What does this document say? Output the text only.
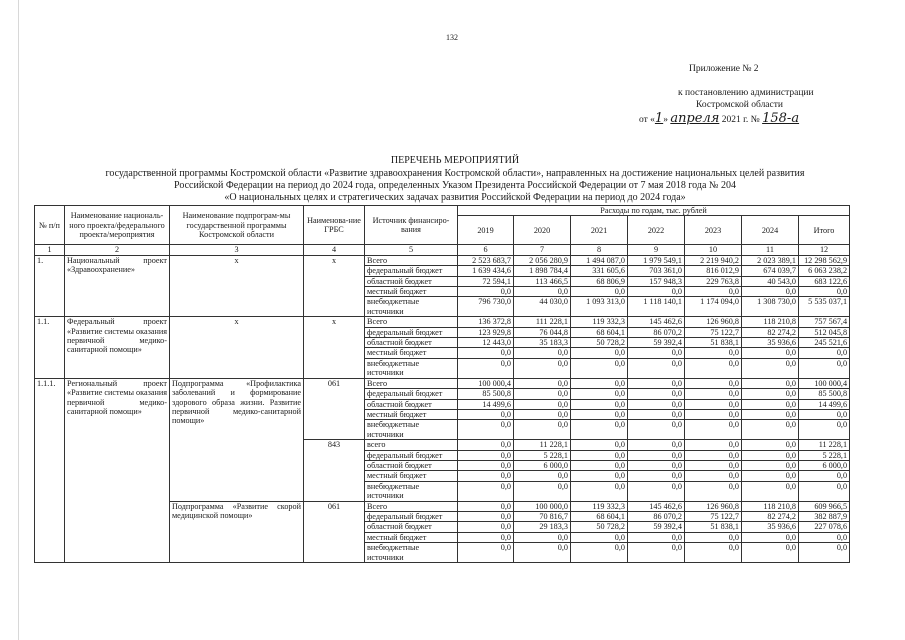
132
Приложение № 2
к постановлению администрации
Костромской области
от «1» апреля 2021 г. № 158-а
ПЕРЕЧЕНЬ МЕРОПРИЯТИЙ
государственной программы Костромской области «Развитие здравоохранения Костромской области», направленных на достижение национальных целей развития
Российской Федерации на период до 2024 года, определенных Указом Президента Российской Федерации от 7 мая 2018 года № 204
«О национальных целях и стратегических задачах развития Российской Федерации на период до 2024 года»
№ п/п	Наименование националь-ного проекта/федерального проекта/мероприятия	Наименование подпрограм-мы государственной программы Костромской области	Наименова-ние ГРБС	Источник финансиро-вания	Расходы по годам, тыс. рублей						
					2019	2020	2021	2022	2023	2024	Итого
1	2	3	4	5	6	7	8	9	10	11	12
1.	Национальный проект «Здравоохранение»	х	х	Всего	2 523 683,7	2 056 280,9	1 494 087,0	1 979 549,1	2 219 940,2	2 023 389,1	12 298 562,9
				федеральный бюджет	1 639 434,6	1 898 784,4	331 605,6	703 361,0	816 012,9	674 039,7	6 063 238,2
				областной бюджет	72 594,1	113 466,5	68 806,9	157 948,3	229 763,8	40 543,0	683 122,6
				местный бюджет	0,0	0,0	0,0	0,0	0,0	0,0	0,0
				внебюджетные источники	796 730,0	44 030,0	1 093 313,0	1 118 140,1	1 174 094,0	1 308 730,0	5 535 037,1
1.1.	Федеральный проект «Развитие системы оказания первичной медико-санитарной помощи»	х	х	Всего	136 372,8	111 228,1	119 332,3	145 462,6	126 960,8	118 210,8	757 567,4
				федеральный бюджет	123 929,8	76 044,8	68 604,1	86 070,2	75 122,7	82 274,2	512 045,8
				областной бюджет	12 443,0	35 183,3	50 728,2	59 392,4	51 838,1	35 936,6	245 521,6
				местный бюджет	0,0	0,0	0,0	0,0	0,0	0,0	0,0
				внебюджетные источники	0,0	0,0	0,0	0,0	0,0	0,0	0,0
1.1.1.	Региональный проект «Развитие системы оказания первичной медико-санитарной помощи»	Подпрограмма «Профилактика заболеваний и формирование здорового образа жизни. Развитие первичной медико-санитарной помощи»	061	Всего	100 000,4	0,0	0,0	0,0	0,0	0,0	100 000,4
				федеральный бюджет	85 500,8	0,0	0,0	0,0	0,0	0,0	85 500,8
				областной бюджет	14 499,6	0,0	0,0	0,0	0,0	0,0	14 499,6
				местный бюджет	0,0	0,0	0,0	0,0	0,0	0,0	0,0
				внебюджетные источники	0,0	0,0	0,0	0,0	0,0	0,0	0,0
			843	всего	0,0	11 228,1	0,0	0,0	0,0	0,0	11 228,1
				федеральный бюджет	0,0	5 228,1	0,0	0,0	0,0	0,0	5 228,1
				областной бюджет	0,0	6 000,0	0,0	0,0	0,0	0,0	6 000,0
				местный бюджет	0,0	0,0	0,0	0,0	0,0	0,0	0,0
				внебюджетные источники	0,0	0,0	0,0	0,0	0,0	0,0	0,0
		Подпрограмма «Развитие скорой медицинской помощи»	061	Всего	0,0	100 000,0	119 332,3	145 462,6	126 960,8	118 210,8	609 966,5
				федеральный бюджет	0,0	70 816,7	68 604,1	86 070,2	75 122,7	82 274,2	382 887,9
				областной бюджет	0,0	29 183,3	50 728,2	59 392,4	51 838,1	35 936,6	227 078,6
				местный бюджет	0,0	0,0	0,0	0,0	0,0	0,0	0,0
				внебюджетные источники	0,0	0,0	0,0	0,0	0,0	0,0	0,0
